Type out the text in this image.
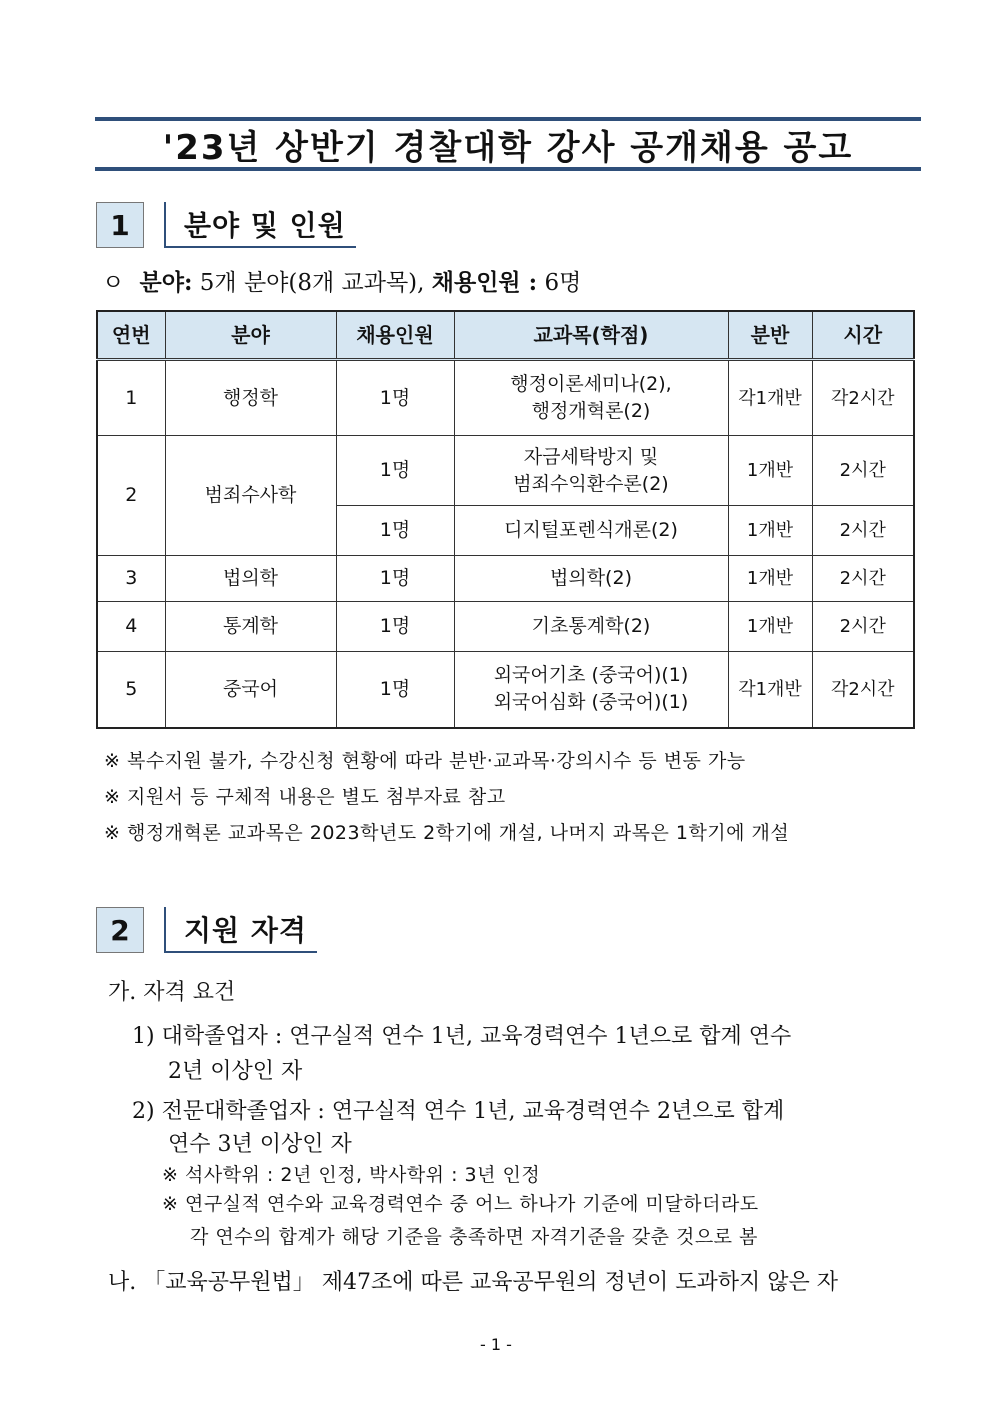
'23년 상반기 경찰대학 강사 공개채용 공고
1	분야 및 인원
ㅇ 분야: 5개 분야(8개 교과목), 채용인원 : 6명
연번	분야	채용인원	교과목(학점)	분반	시간
1	행정학	1명	행정이론세미나(2),
행정개혁론(2)	각1개반	각2시간
2	범죄수사학	1명	자금세탁방지 및
범죄수익환수론(2)	1개반	2시간
		1명	디지털포렌식개론(2)	1개반	2시간
3	법의학	1명	법의학(2)	1개반	2시간
4	통계학	1명	기초통계학(2)	1개반	2시간
5	중국어	1명	외국어기초 (중국어)(1)
외국어심화 (중국어)(1)	각1개반	각2시간
※ 복수지원 불가, 수강신청 현황에 따라 분반·교과목·강의시수 등 변동 가능
※ 지원서 등 구체적 내용은 별도 첨부자료 참고
※ 행정개혁론 교과목은 2023학년도 2학기에 개설, 나머지 과목은 1학기에 개설
2	지원 자격
가. 자격 요건
1) 대학졸업자 : 연구실적 연수 1년, 교육경력연수 1년으로 합계 연수
2년 이상인 자
2) 전문대학졸업자 : 연구실적 연수 1년, 교육경력연수 2년으로 합계
연수 3년 이상인 자
※ 석사학위 : 2년 인정, 박사학위 : 3년 인정
※ 연구실적 연수와 교육경력연수 중 어느 하나가 기준에 미달하더라도
각 연수의 합계가 해당 기준을 충족하면 자격기준을 갖춘 것으로 봄
나. 「교육공무원법」 제47조에 따른 교육공무원의 정년이 도과하지 않은 자
- 1 -
